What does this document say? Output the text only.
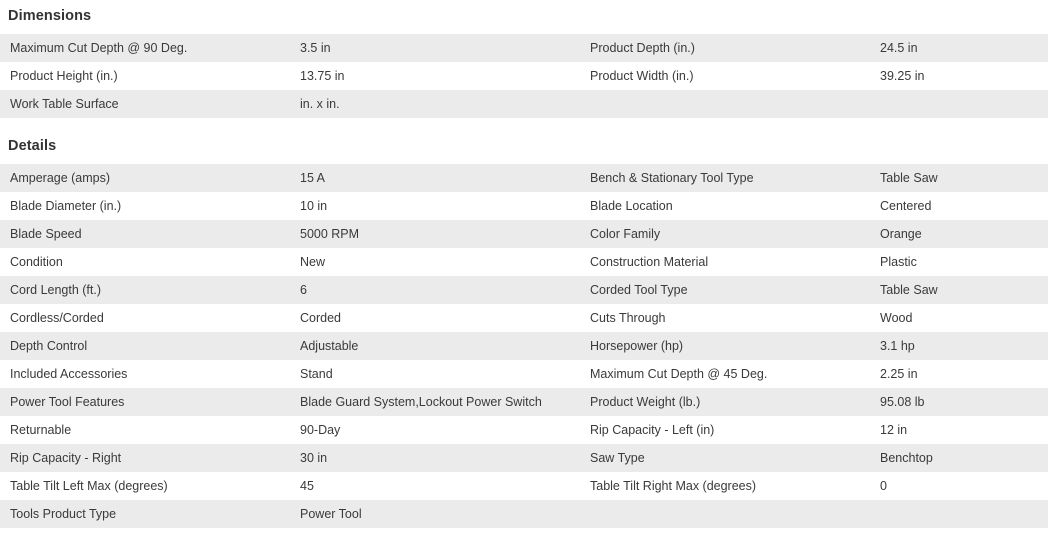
Dimensions
Maximum Cut Depth @ 90 Deg.	3.5 in	Product Depth (in.)	24.5 in
Product Height (in.)	13.75 in	Product Width (in.)	39.25 in
Work Table Surface	in. x in.		
Details
Amperage (amps)	15 A	Bench & Stationary Tool Type	Table Saw
Blade Diameter (in.)	10 in	Blade Location	Centered
Blade Speed	5000 RPM	Color Family	Orange
Condition	New	Construction Material	Plastic
Cord Length (ft.)	6	Corded Tool Type	Table Saw
Cordless/Corded	Corded	Cuts Through	Wood
Depth Control	Adjustable	Horsepower (hp)	3.1 hp
Included Accessories	Stand	Maximum Cut Depth @ 45 Deg.	2.25 in
Power Tool Features	Blade Guard System,Lockout Power Switch	Product Weight (lb.)	95.08 lb
Returnable	90-Day	Rip Capacity - Left (in)	12 in
Rip Capacity - Right	30 in	Saw Type	Benchtop
Table Tilt Left Max (degrees)	45	Table Tilt Right Max (degrees)	0
Tools Product Type	Power Tool		
